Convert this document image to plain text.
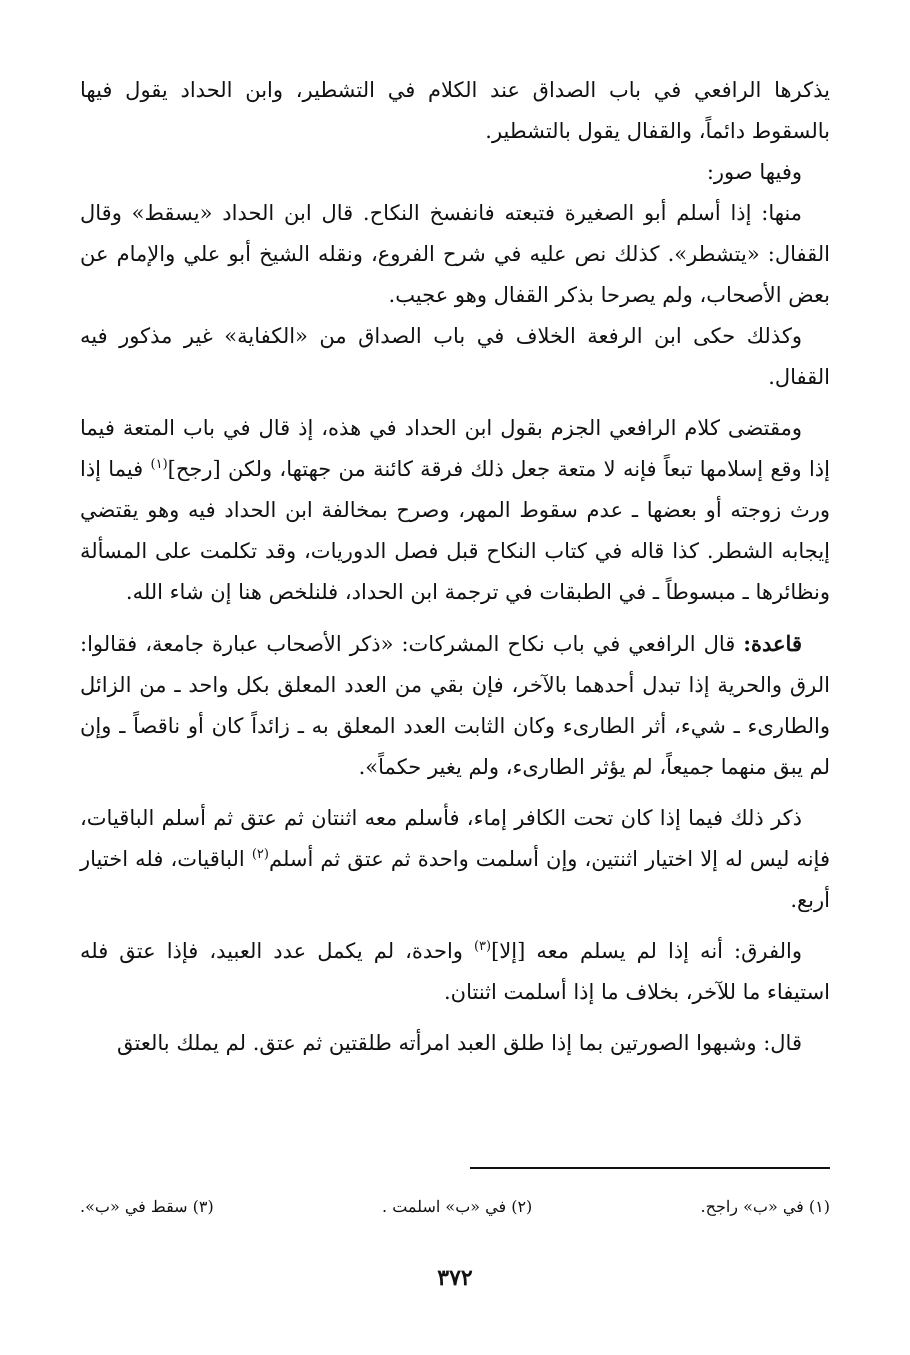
يذكرها الرافعي في باب الصداق عند الكلام في التشطير، وابن الحداد يقول فيها بالسقوط دائماً، والقفال يقول بالتشطير.

وفيها صور:

منها: إذا أسلم أبو الصغيرة فتبعته فانفسخ النكاح. قال ابن الحداد «يسقط» وقال القفال: «يتشطر». كذلك نص عليه في شرح الفروع، ونقله الشيخ أبو علي والإمام عن بعض الأصحاب، ولم يصرحا بذكر القفال وهو عجيب.

وكذلك حكى ابن الرفعة الخلاف في باب الصداق من «الكفاية» غير مذكور فيه القفال.

ومقتضى كلام الرافعي الجزم بقول ابن الحداد في هذه، إذ قال في باب المتعة فيما إذا وقع إسلامها تبعاً فإنه لا متعة جعل ذلك فرقة كائنة من جهتها، ولكن [رجح]$^{(١)}$ فيما إذا ورث زوجته أو بعضها ـ عدم سقوط المهر، وصرح بمخالفة ابن الحداد فيه وهو يقتضي إيجابه الشطر. كذا قاله في كتاب النكاح قبل فصل الدوريات، وقد تكلمت على المسألة ونظائرها ـ مبسوطاً ـ في الطبقات في ترجمة ابن الحداد، فلنلخص هنا إن شاء الله.

قاعدة: قال الرافعي في باب نكاح المشركات: «ذكر الأصحاب عبارة جامعة، فقالوا: الرق والحرية إذا تبدل أحدهما بالآخر، فإن بقي من العدد المعلق بكل واحد ـ من الزائل والطارىء ـ شيء، أثر الطارىء وكان الثابت العدد المعلق به ـ زائداً كان أو ناقصاً ـ وإن لم يبق منهما جميعاً، لم يؤثر الطارىء، ولم يغير حكماً».

ذكر ذلك فيما إذا كان تحت الكافر إماء، فأسلم معه اثنتان ثم عتق ثم أسلم الباقيات، فإنه ليس له إلا اختيار اثنتين، وإن أسلمت واحدة ثم عتق ثم أسلم$^{(٢)}$ الباقيات، فله اختيار أربع.

والفرق: أنه إذا لم يسلم معه [إلا]$^{(٣)}$ واحدة، لم يكمل عدد العبيد، فإذا عتق فله استيفاء ما للآخر، بخلاف ما إذا أسلمت اثنتان.

قال: وشبهوا الصورتين بما إذا طلق العبد امرأته طلقتين ثم عتق. لم يملك بالعتق

(١) في «ب» راجح.
(٢) في «ب» اسلمت .
(٣) سقط في «ب».
٣٧٢
